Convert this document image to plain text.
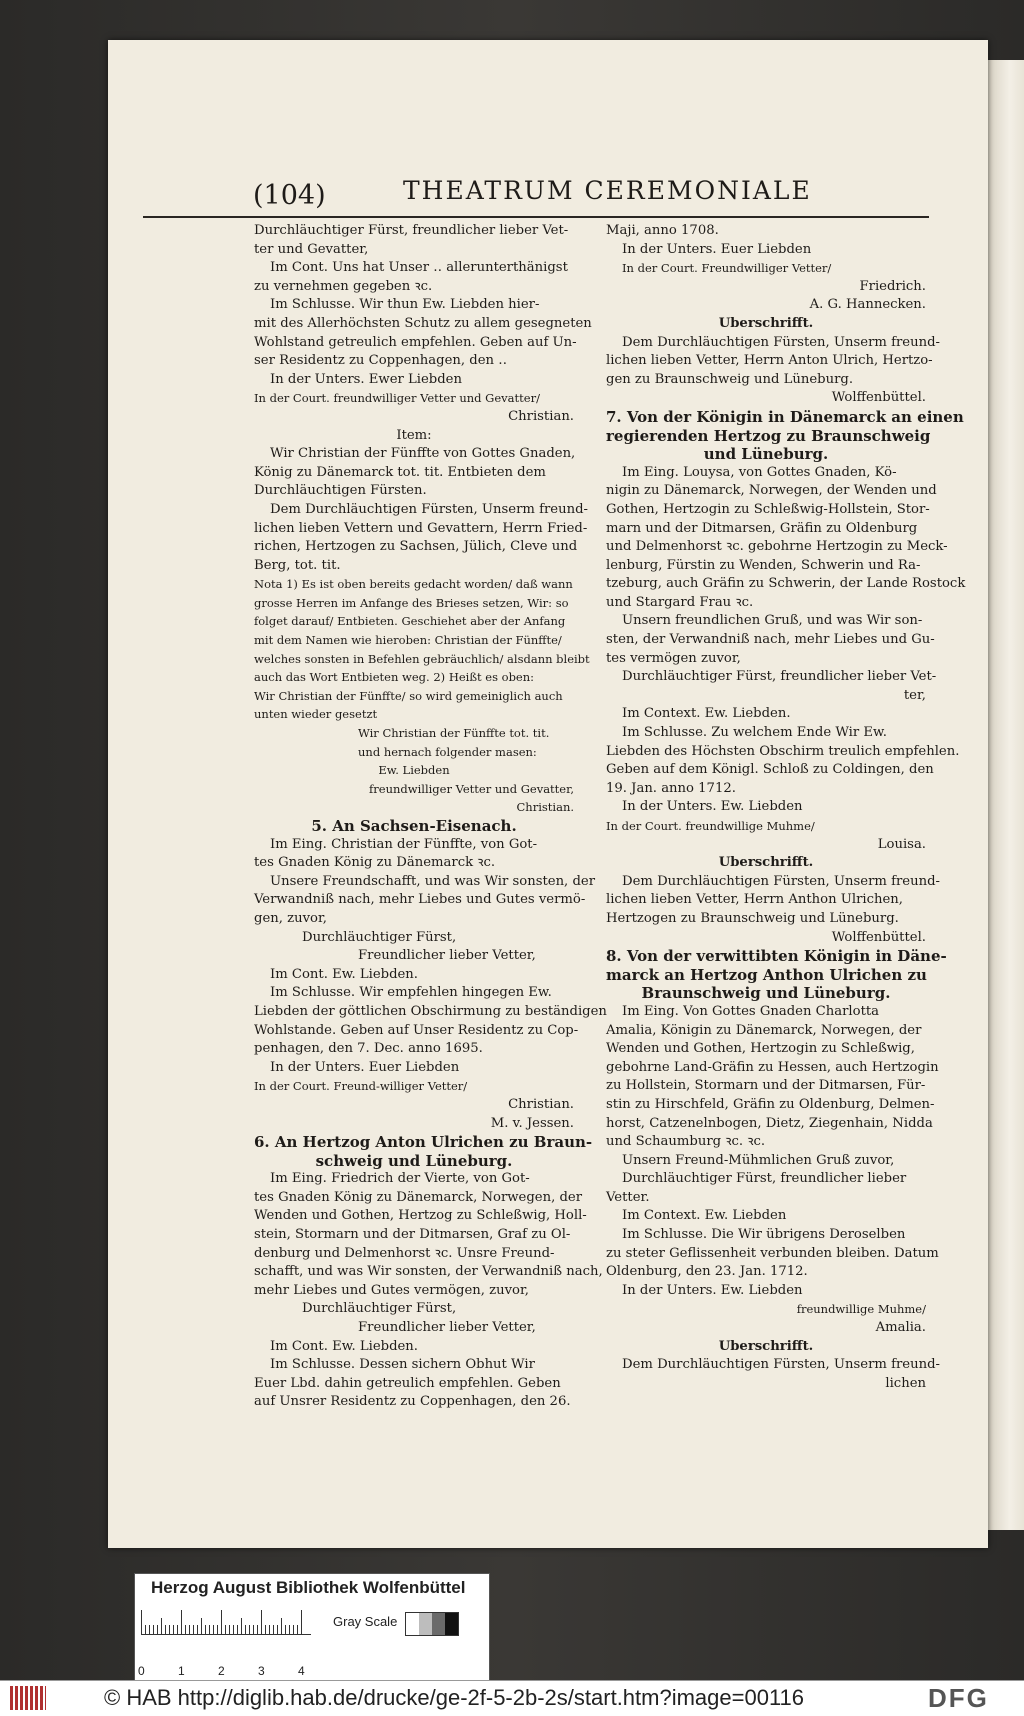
(104)	THEATRUM CEREMONIALE
Durchläuchtiger Fürst, freundlicher lieber Vet-
ter und Gevatter,
Im Cont. Uns hat Unser ‥ allerunterthänigst
zu vernehmen gegeben ꝛc.
Im Schlusse. Wir thun Ew. Liebden hier-
mit des Allerhöchsten Schutz zu allem gesegneten
Wohlstand getreulich empfehlen. Geben auf Un-
ser Residentz zu Coppenhagen, den ‥
In der Unters. Ewer Liebden
In der Court. freundwilliger Vetter und Gevatter/
Christian.
Item:
Wir Christian der Fünffte von Gottes Gnaden,
König zu Dänemarck tot. tit. Entbieten dem
Durchläuchtigen Fürsten.
Dem Durchläuchtigen Fürsten, Unserm freund-
lichen lieben Vettern und Gevattern, Herrn Fried-
richen, Hertzogen zu Sachsen, Jülich, Cleve und
Berg, tot. tit.
Nota 1) Es ist oben bereits gedacht worden/ daß wann
grosse Herren im Anfange des Brieses setzen, Wir: so
folget darauf/ Entbieten. Geschiehet aber der Anfang
mit dem Namen wie hieroben: Christian der Fünffte/
welches sonsten in Befehlen gebräuchlich/ alsdann bleibt
auch das Wort Entbieten weg. 2) Heißt es oben:
Wir Christian der Fünffte/ so wird gemeiniglich auch
unten wieder gesetzt
Wir Christian der Fünffte tot. tit.
und hernach folgender masen:
Ew. Liebden
freundwilliger Vetter und Gevatter,
Christian.
5. An Sachsen-Eisenach.
Im Eing. Christian der Fünffte, von Got-
tes Gnaden König zu Dänemarck ꝛc.
Unsere Freundschafft, und was Wir sonsten, der
Verwandniß nach, mehr Liebes und Gutes vermö-
gen, zuvor,
Durchläuchtiger Fürst,
Freundlicher lieber Vetter,
Im Cont. Ew. Liebden.
Im Schlusse. Wir empfehlen hingegen Ew.
Liebden der göttlichen Obschirmung zu beständigen
Wohlstande. Geben auf Unser Residentz zu Cop-
penhagen, den 7. Dec. anno 1695.
In der Unters. Euer Liebden
In der Court. Freund-williger Vetter/
Christian.
M. v. Jessen.
6. An Hertzog Anton Ulrichen zu Braun-
schweig und Lüneburg.
Im Eing. Friedrich der Vierte, von Got-
tes Gnaden König zu Dänemarck, Norwegen, der
Wenden und Gothen, Hertzog zu Schleßwig, Holl-
stein, Stormarn und der Ditmarsen, Graf zu Ol-
denburg und Delmenhorst ꝛc. Unsre Freund-
schafft, und was Wir sonsten, der Verwandniß nach,
mehr Liebes und Gutes vermögen, zuvor,
Durchläuchtiger Fürst,
Freundlicher lieber Vetter,
Im Cont. Ew. Liebden.
Im Schlusse. Dessen sichern Obhut Wir
Euer Lbd. dahin getreulich empfehlen. Geben
auf Unsrer Residentz zu Coppenhagen, den 26.
Maji, anno 1708.
In der Unters. Euer Liebden
In der Court. Freundwilliger Vetter/
Friedrich.
A. G. Hannecken.
Uberschrifft.
Dem Durchläuchtigen Fürsten, Unserm freund-
lichen lieben Vetter, Herrn Anton Ulrich, Hertzo-
gen zu Braunschweig und Lüneburg.
Wolffenbüttel.
7. Von der Königin in Dänemarck an einen
regierenden Hertzog zu Braunschweig
und Lüneburg.
Im Eing. Louysa, von Gottes Gnaden, Kö-
nigin zu Dänemarck, Norwegen, der Wenden und
Gothen, Hertzogin zu Schleßwig-Hollstein, Stor-
marn und der Ditmarsen, Gräfin zu Oldenburg
und Delmenhorst ꝛc. gebohrne Hertzogin zu Meck-
lenburg, Fürstin zu Wenden, Schwerin und Ra-
tzeburg, auch Gräfin zu Schwerin, der Lande Rostock
und Stargard Frau ꝛc.
Unsern freundlichen Gruß, und was Wir son-
sten, der Verwandniß nach, mehr Liebes und Gu-
tes vermögen zuvor,
Durchläuchtiger Fürst, freundlicher lieber Vet-
ter,
Im Context. Ew. Liebden.
Im Schlusse. Zu welchem Ende Wir Ew.
Liebden des Höchsten Obschirm treulich empfehlen.
Geben auf dem Königl. Schloß zu Coldingen, den
19. Jan. anno 1712.
In der Unters. Ew. Liebden
In der Court. freundwillige Muhme/
Louisa.
Uberschrifft.
Dem Durchläuchtigen Fürsten, Unserm freund-
lichen lieben Vetter, Herrn Anthon Ulrichen,
Hertzogen zu Braunschweig und Lüneburg.
Wolffenbüttel.
8. Von der verwittibten Königin in Däne-
marck an Hertzog Anthon Ulrichen zu
Braunschweig und Lüneburg.
Im Eing. Von Gottes Gnaden Charlotta
Amalia, Königin zu Dänemarck, Norwegen, der
Wenden und Gothen, Hertzogin zu Schleßwig,
gebohrne Land-Gräfin zu Hessen, auch Hertzogin
zu Hollstein, Stormarn und der Ditmarsen, Für-
stin zu Hirschfeld, Gräfin zu Oldenburg, Delmen-
horst, Catzenelnbogen, Dietz, Ziegenhain, Nidda
und Schaumburg ꝛc. ꝛc.
Unsern Freund-Mühmlichen Gruß zuvor,
Durchläuchtiger Fürst, freundlicher lieber
Vetter.
Im Context. Ew. Liebden
Im Schlusse. Die Wir übrigens Deroselben
zu steter Geflissenheit verbunden bleiben. Datum
Oldenburg, den 23. Jan. 1712.
In der Unters. Ew. Liebden
freundwillige Muhme/
Amalia.
Uberschrifft.
Dem Durchläuchtigen Fürsten, Unserm freund-
lichen
Herzog August Bibliothek Wolfenbüttel
0	1	2	3	4
Gray Scale
© HAB http://diglib.hab.de/drucke/ge-2f-5-2b-2s/start.htm?image=00116	DFG
